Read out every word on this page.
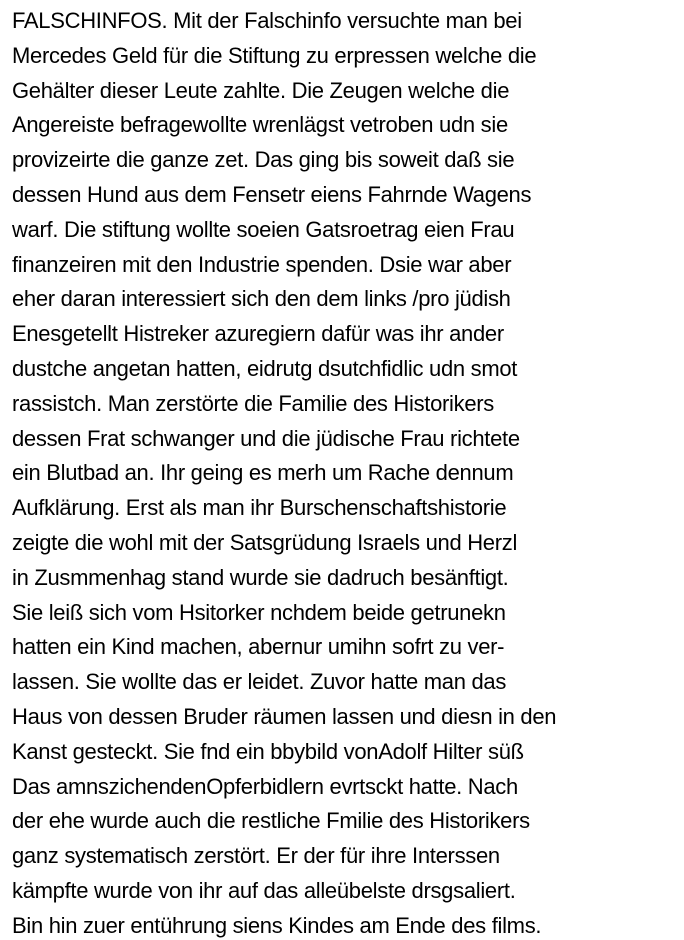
FALSCHINFOS. Mit der Falschinfo versuchte man bei
Mercedes Geld für die Stiftung zu erpressen welche die
Gehälter dieser Leute zahlte. Die Zeugen welche die
Angereiste befragewollte wrenlägst vetroben udn sie
provizeirte die ganze zet. Das ging bis soweit daß sie
dessen Hund aus dem Fensetr eiens Fahrnde Wagens
warf. Die stiftung wollte soeien Gatsroetrag eien Frau
finanzeiren mit den Industrie spenden. Dsie war aber
eher daran interessiert sich den dem links /pro jüdish
Enesgetellt Histreker azuregiern dafür was ihr ander
dustche angetan hatten, eidrutg dsutchfidlic udn smot
rassistch. Man zerstörte die Familie des Historikers
dessen Frat schwanger und die jüdische Frau richtete
ein Blutbad an. Ihr geing es merh um Rache dennum
Aufklärung. Erst als man ihr Burschenschaftshistorie
zeigte die wohl mit der Satsgrüdung Israels und Herzl
in Zusmmenhag stand wurde sie dadruch besänftigt.
Sie leiß sich vom Hsitorker nchdem beide getrunekn
hatten ein Kind machen, abernur umihn sofrt zu ver-
lassen. Sie wollte das er leidet. Zuvor hatte man das
Haus von dessen Bruder räumen lassen und diesn in den
Kanst gesteckt. Sie fnd ein bbybild vonAdolf Hilter süß
Das amnszichendenOpferbidlern evrtsckt hatte. Nach
der ehe wurde auch die restliche Fmilie des Historikers
ganz systematisch zerstört. Er der für ihre Interssen
kämpfte wurde von ihr auf das alleübelste drsgsaliert.
Bin hin zuer entührung siens Kindes am Ende des films.
